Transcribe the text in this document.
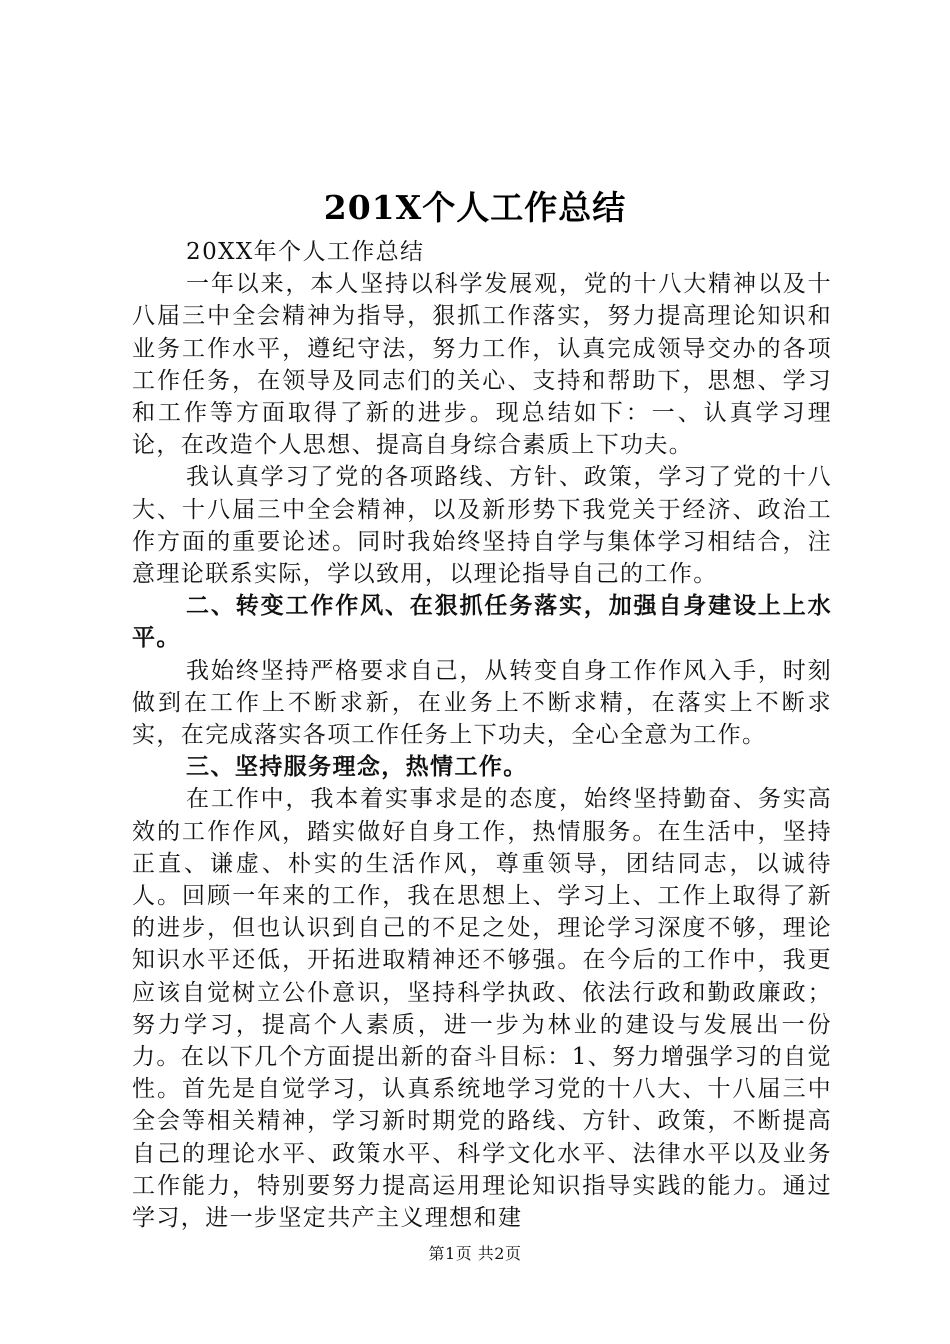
201X个人工作总结

20XX年个人工作总结

一年以来，本人坚持以科学发展观，党的十八大精神以及十八届三中全会精神为指导，狠抓工作落实，努力提高理论知识和业务工作水平，遵纪守法，努力工作，认真完成领导交办的各项工作任务，在领导及同志们的关心、支持和帮助下，思想、学习和工作等方面取得了新的进步。现总结如下：一、认真学习理论，在改造个人思想、提高自身综合素质上下功夫。

我认真学习了党的各项路线、方针、政策，学习了党的十八大、十八届三中全会精神，以及新形势下我党关于经济、政治工作方面的重要论述。同时我始终坚持自学与集体学习相结合，注意理论联系实际，学以致用，以理论指导自己的工作。

二、转变工作作风、在狠抓任务落实，加强自身建设上上水平。

我始终坚持严格要求自己，从转变自身工作作风入手，时刻做到在工作上不断求新，在业务上不断求精，在落实上不断求实，在完成落实各项工作任务上下功夫，全心全意为工作。

三、坚持服务理念，热情工作。

在工作中，我本着实事求是的态度，始终坚持勤奋、务实高效的工作作风，踏实做好自身工作，热情服务。在生活中，坚持正直、谦虚、朴实的生活作风，尊重领导，团结同志，以诚待人。回顾一年来的工作，我在思想上、学习上、工作上取得了新的进步，但也认识到自己的不足之处，理论学习深度不够，理论知识水平还低，开拓进取精神还不够强。在今后的工作中，我更应该自觉树立公仆意识，坚持科学执政、依法行政和勤政廉政；努力学习，提高个人素质，进一步为林业的建设与发展出一份力。在以下几个方面提出新的奋斗目标：1、努力增强学习的自觉性。首先是自觉学习，认真系统地学习党的十八大、十八届三中全会等相关精神，学习新时期党的路线、方针、政策，不断提高自己的理论水平、政策水平、科学文化水平、法律水平以及业务工作能力，特别要努力提高运用理论知识指导实践的能力。通过学习，进一步坚定共产主义理想和建

第1页 共2页
